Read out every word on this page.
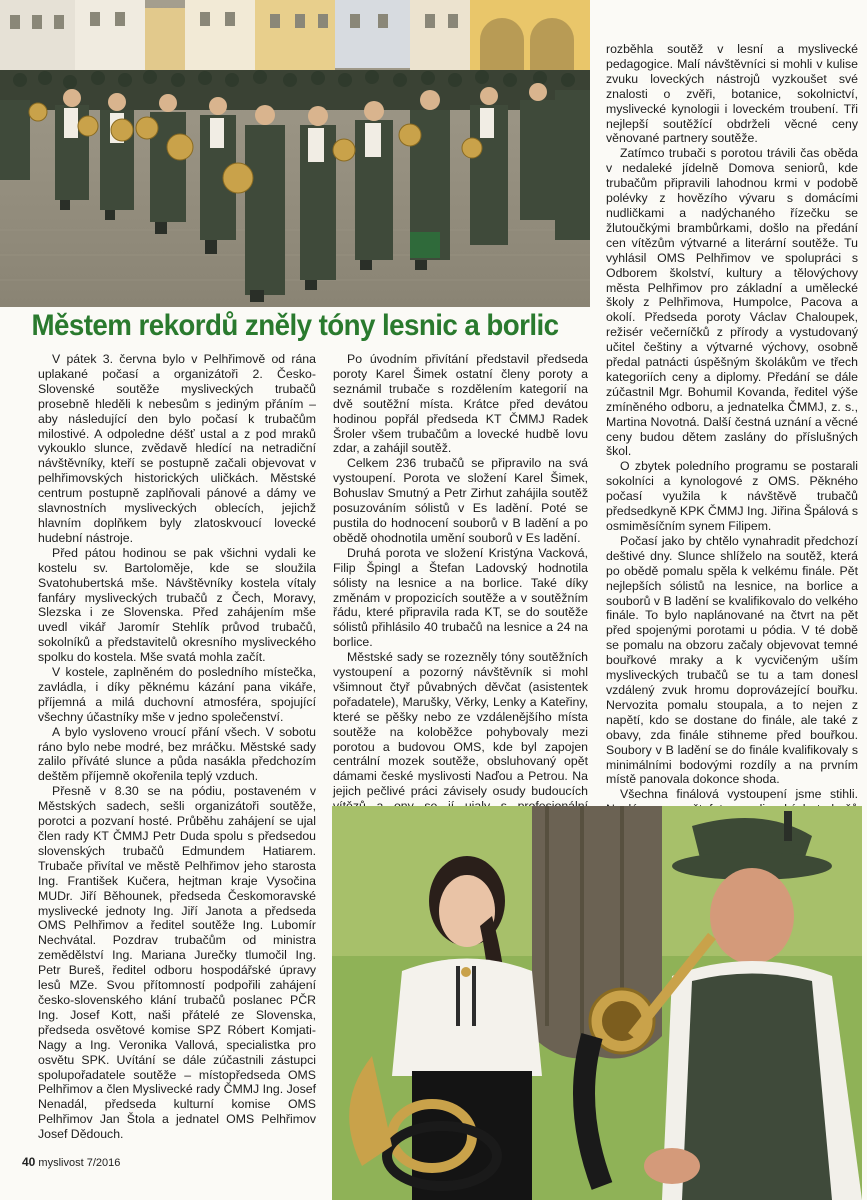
Městem rekordů zněly tóny lesnic a borlic

V pátek 3. června bylo v Pelhřimově od rána uplakané počasí a organizátoři 2. Česko-Slovenské soutěže mysliveckých trubačů prosebně hleděli k nebesům s jediným přáním – aby následující den bylo počasí k trubačům milostivé. A odpoledne déšť ustal a z pod mraků vykouklo slunce, zvědavě hledící na netradiční návštěvníky, kteří se postupně začali objevovat v pelhřimovských historických uličkách. Městské centrum postupně zaplňovali pánové a dámy ve slavnostních mysliveckých oblecích, jejichž hlavním doplňkem byly zlatoskvoucí lovecké hudební nástroje.

Před pátou hodinou se pak všichni vydali ke kostelu sv. Bartoloměje, kde se sloužila Svatohubertská mše. Návštěvníky kostela vítaly fanfáry mysliveckých trubačů z Čech, Moravy, Slezska i ze Slovenska. Před zahájením mše uvedl vikář Jaromír Stehlík průvod trubačů, sokolníků a představitelů okresního mysliveckého spolku do kostela. Mše svatá mohla začít.

V kostele, zaplněném do posledního místečka, zavládla, i díky pěknému kázání pana vikáře, příjemná a milá duchovní atmosféra, spojující všechny účastníky mše v jedno společenství.

A bylo vysloveno vroucí přání všech. V sobotu ráno bylo nebe modré, bez mráčku. Městské sady zalilo příváté slunce a půda nasákla předchozím deštěm příjemně okořenila teplý vzduch.

Přesně v 8.30 se na pódiu, postaveném v Městských sadech, sešli organizátoři soutěže, porotci a pozvaní hosté. Průběhu zahájení se ujal člen rady KT ČMMJ Petr Duda spolu s předsedou slovenských trubačů Edmundem Hatiarem. Trubače přivítal ve městě Pelhřimov jeho starosta Ing. František Kučera, hejtman kraje Vysočina MUDr. Jiří Běhounek, předseda Českomoravské myslivecké jednoty Ing. Jiří Janota a předseda OMS Pelhřimov a ředitel soutěže Ing. Lubomír Nechvátal. Pozdrav trubačům od ministra zemědělství Ing. Mariana Jurečky tlumočil Ing. Petr Bureš, ředitel odboru hospodářské úpravy lesů MZe. Svou přítomností podpořili zahájení česko-slovenského klání trubačů poslanec PČR Ing. Josef Kott, naši přátelé ze Slovenska, předseda osvětové komise SPZ Róbert Komjati-Nagy a Ing. Veronika Vallová, specialistka pro osvětu SPK. Uvítání se dále zúčastnili zástupci spolupořadatele soutěže – místopředseda OMS Pelhřimov a člen Myslivecké rady ČMMJ Ing. Josef Nenadál, předseda kulturní komise OMS Pelhřimov Jan Štola a jednatel OMS Pelhřimov Josef Dědouch.

Po úvodním přivítání představil předseda poroty Karel Šimek ostatní členy poroty a seznámil trubače s rozdělením kategorií na dvě soutěžní místa. Krátce před devátou hodinou popřál předseda KT ČMMJ Radek Šroler všem trubačům a lovecké hudbě lovu zdar, a zahájil soutěž.

Celkem 236 trubačů se připravilo na svá vystoupení. Porota ve složení Karel Šimek, Bohuslav Smutný a Petr Zirhut zahájila soutěž posuzováním sólistů v Es ladění. Poté se pustila do hodnocení souborů v B ladění a po obědě ohodnotila umění souborů v Es ladění.

Druhá porota ve složení Kristýna Vacková, Filip Špingl a Štefan Ladovský hodnotila sólisty na lesnice a na borlice. Také díky změnám v propozicích soutěže a v soutěžním řádu, které připravila rada KT, se do soutěže sólistů přihlásilo 40 trubačů na lesnice a 24 na borlice.

Městské sady se rozezněly tóny soutěžních vystoupení a pozorný návštěvník si mohl všimnout čtyř půvabných děvčat (asistentek pořadatele), Marušky, Věrky, Lenky a Kateřiny, které se pěšky nebo ze vzdálenějšího místa soutěže na koloběžce pohybovaly mezi porotou a budovou OMS, kde byl zapojen centrální mozek soutěže, obsluhovaný opět dámami české myslivosti Naďou a Petrou. Na jejich pečlivé práci závisely osudy budoucích

rozběhla soutěž v lesní a myslivecké pedagogice. Malí návštěvníci si mohli v kulise zvuku loveckých nástrojů vyzkoušet své znalosti o zvěři, botanice, sokolnictví, myslivecké kynologii i loveckém troubení. Tři nejlepší soutěžící obdrželi věcné ceny věnované partnery soutěže.

Zatímco trubači s porotou trávili čas oběda v nedaleké jídelně Domova seniorů, kde trubačům připravili lahodnou krmi v podobě polévky z hovězího vývaru s domácími nudličkami a nadýchaného řízečku se žlutoučkými brambůrkami, došlo na předání cen vítězům výtvarné a literární soutěže. Tu vyhlásil OMS Pelhřimov ve spolupráci s Odborem školství, kultury a tělovýchovy města Pelhřimov pro základní a umělecké školy z Pelhřimova, Humpolce, Pacova a okolí. Předseda poroty Václav Chaloupek, režisér večerníčků z přírody a vystudovaný učitel češtiny a výtvarné výchovy, osobně předal patnácti úspěšným školákům ve třech kategoriích ceny a diplomy. Předání se dále zúčastnil Mgr. Bohumil Kovanda, ředitel výše zmíněného odboru, a jednatelka ČMMJ, z. s., Martina Novotná. Další čestná uznání a věcné ceny budou dětem zaslány do příslušných škol.

O zbytek poledního programu se postarali sokolníci a kynologové z OMS. Pěkného počasí využila k návštěvě trubačů předsedkyně KPK ČMMJ Ing. Jiřina Špálová s osmiměsíčním synem Filipem.

Počasí jako by chtělo vynahradit předchozí deštivé dny. Slunce shlíželo na soutěž, která po obědě pomalu spěla k velkému finále. Pět nejlepších sólistů na lesnice, na borlice a souborů v B ladění se kvalifikovalo do velkého finále. To bylo naplánované na čtvrt na pět před spojenými porotami u pódia. V té době se pomalu na obzoru začaly objevovat temné bouřkové mraky a k vycvičeným uším mysliveckých trubačů se tu a tam donesl vzdálený zvuk hromu doprovázející bouřku. Nervozita pomalu stoupala, a to nejen z napětí, kdo se dostane do finále, ale také z obavy, zda finále stihneme před bouřkou. Soubory v B ladění se do finále kvalifikovaly s minimálními bodovými rozdíly a na prvním místě panovala dokonce shoda.

Všechna finálová vystoupení jsme stihli.

40 myslivost 7/2016
